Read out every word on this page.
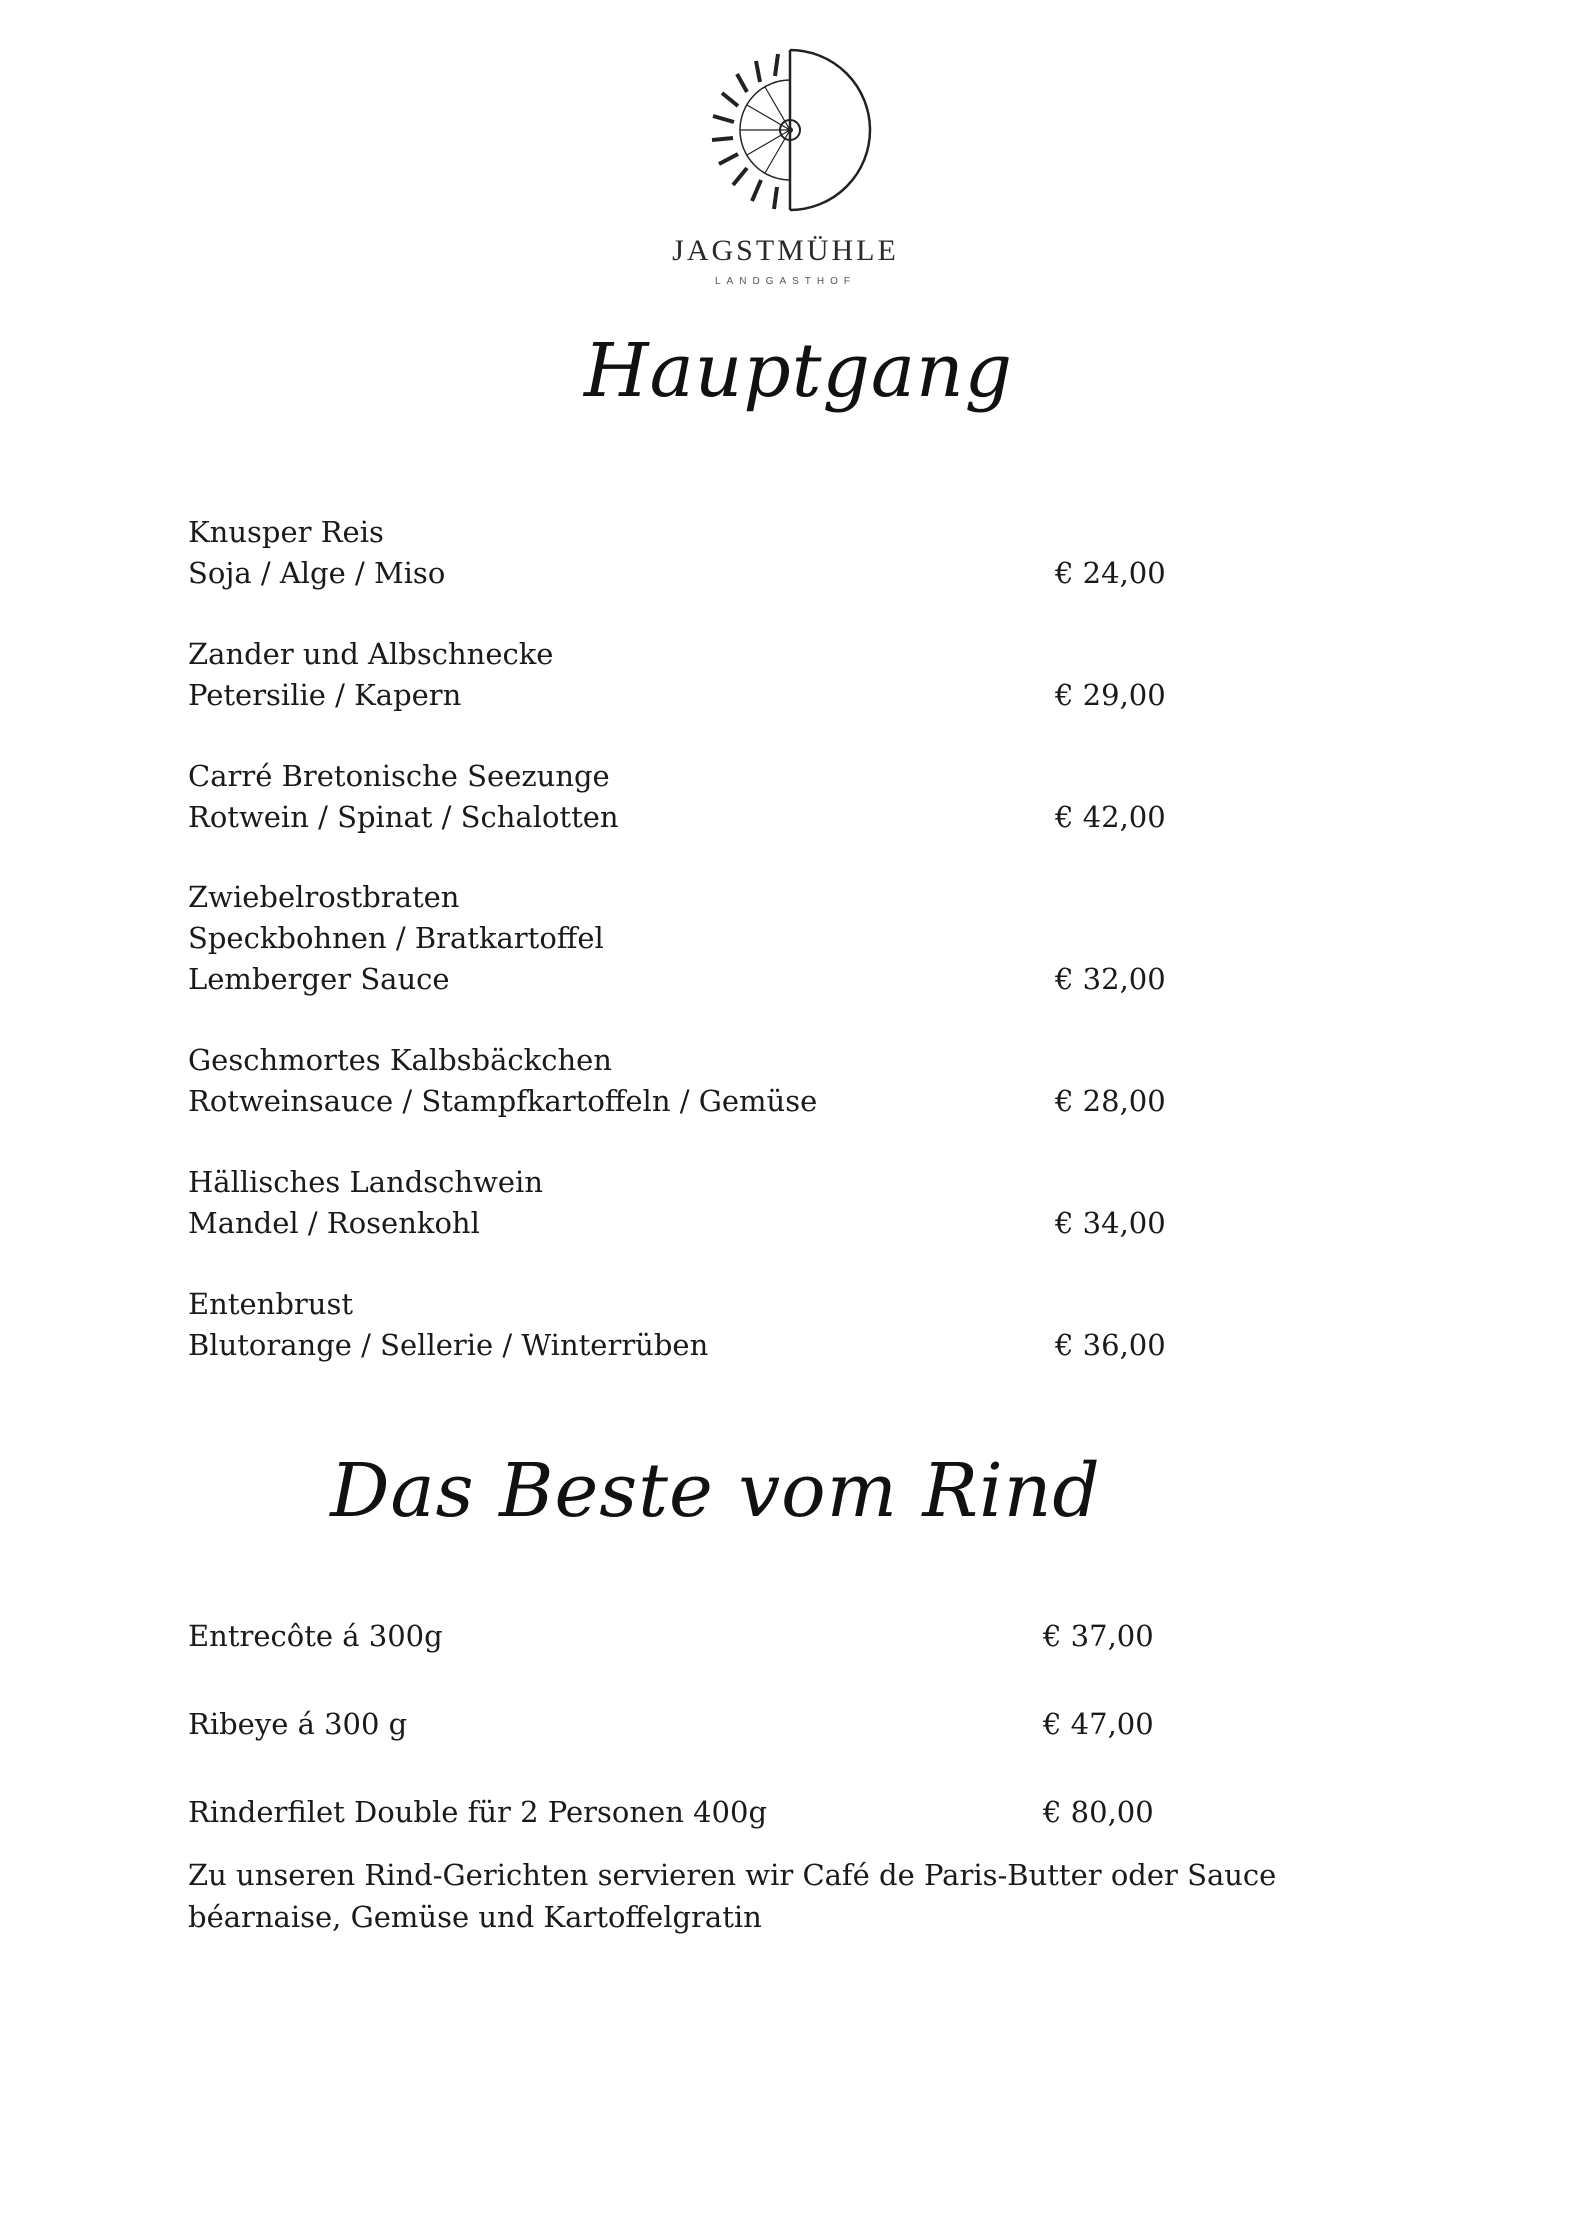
JAGSTMÜHLE
LANDGASTHOF
Hauptgang
Knusper Reis
Soja / Alge / Miso	€ 24,00
Zander und Albschnecke
Petersilie / Kapern	€ 29,00
Carré Bretonische Seezunge
Rotwein / Spinat / Schalotten	€ 42,00
Zwiebelrostbraten
Speckbohnen / Bratkartoffel
Lemberger Sauce	€ 32,00
Geschmortes Kalbsbäckchen
Rotweinsauce / Stampfkartoffeln / Gemüse	€ 28,00
Hällisches Landschwein
Mandel / Rosenkohl	€ 34,00
Entenbrust
Blutorange / Sellerie / Winterrüben	€ 36,00
Das Beste vom Rind
Entrecôte á 300g	€ 37,00
Ribeye á 300 g	€ 47,00
Rinderfilet Double für 2 Personen 400g	€ 80,00
Zu unseren Rind-Gerichten servieren wir Café de Paris-Butter oder Sauce béarnaise, Gemüse und Kartoffelgratin
